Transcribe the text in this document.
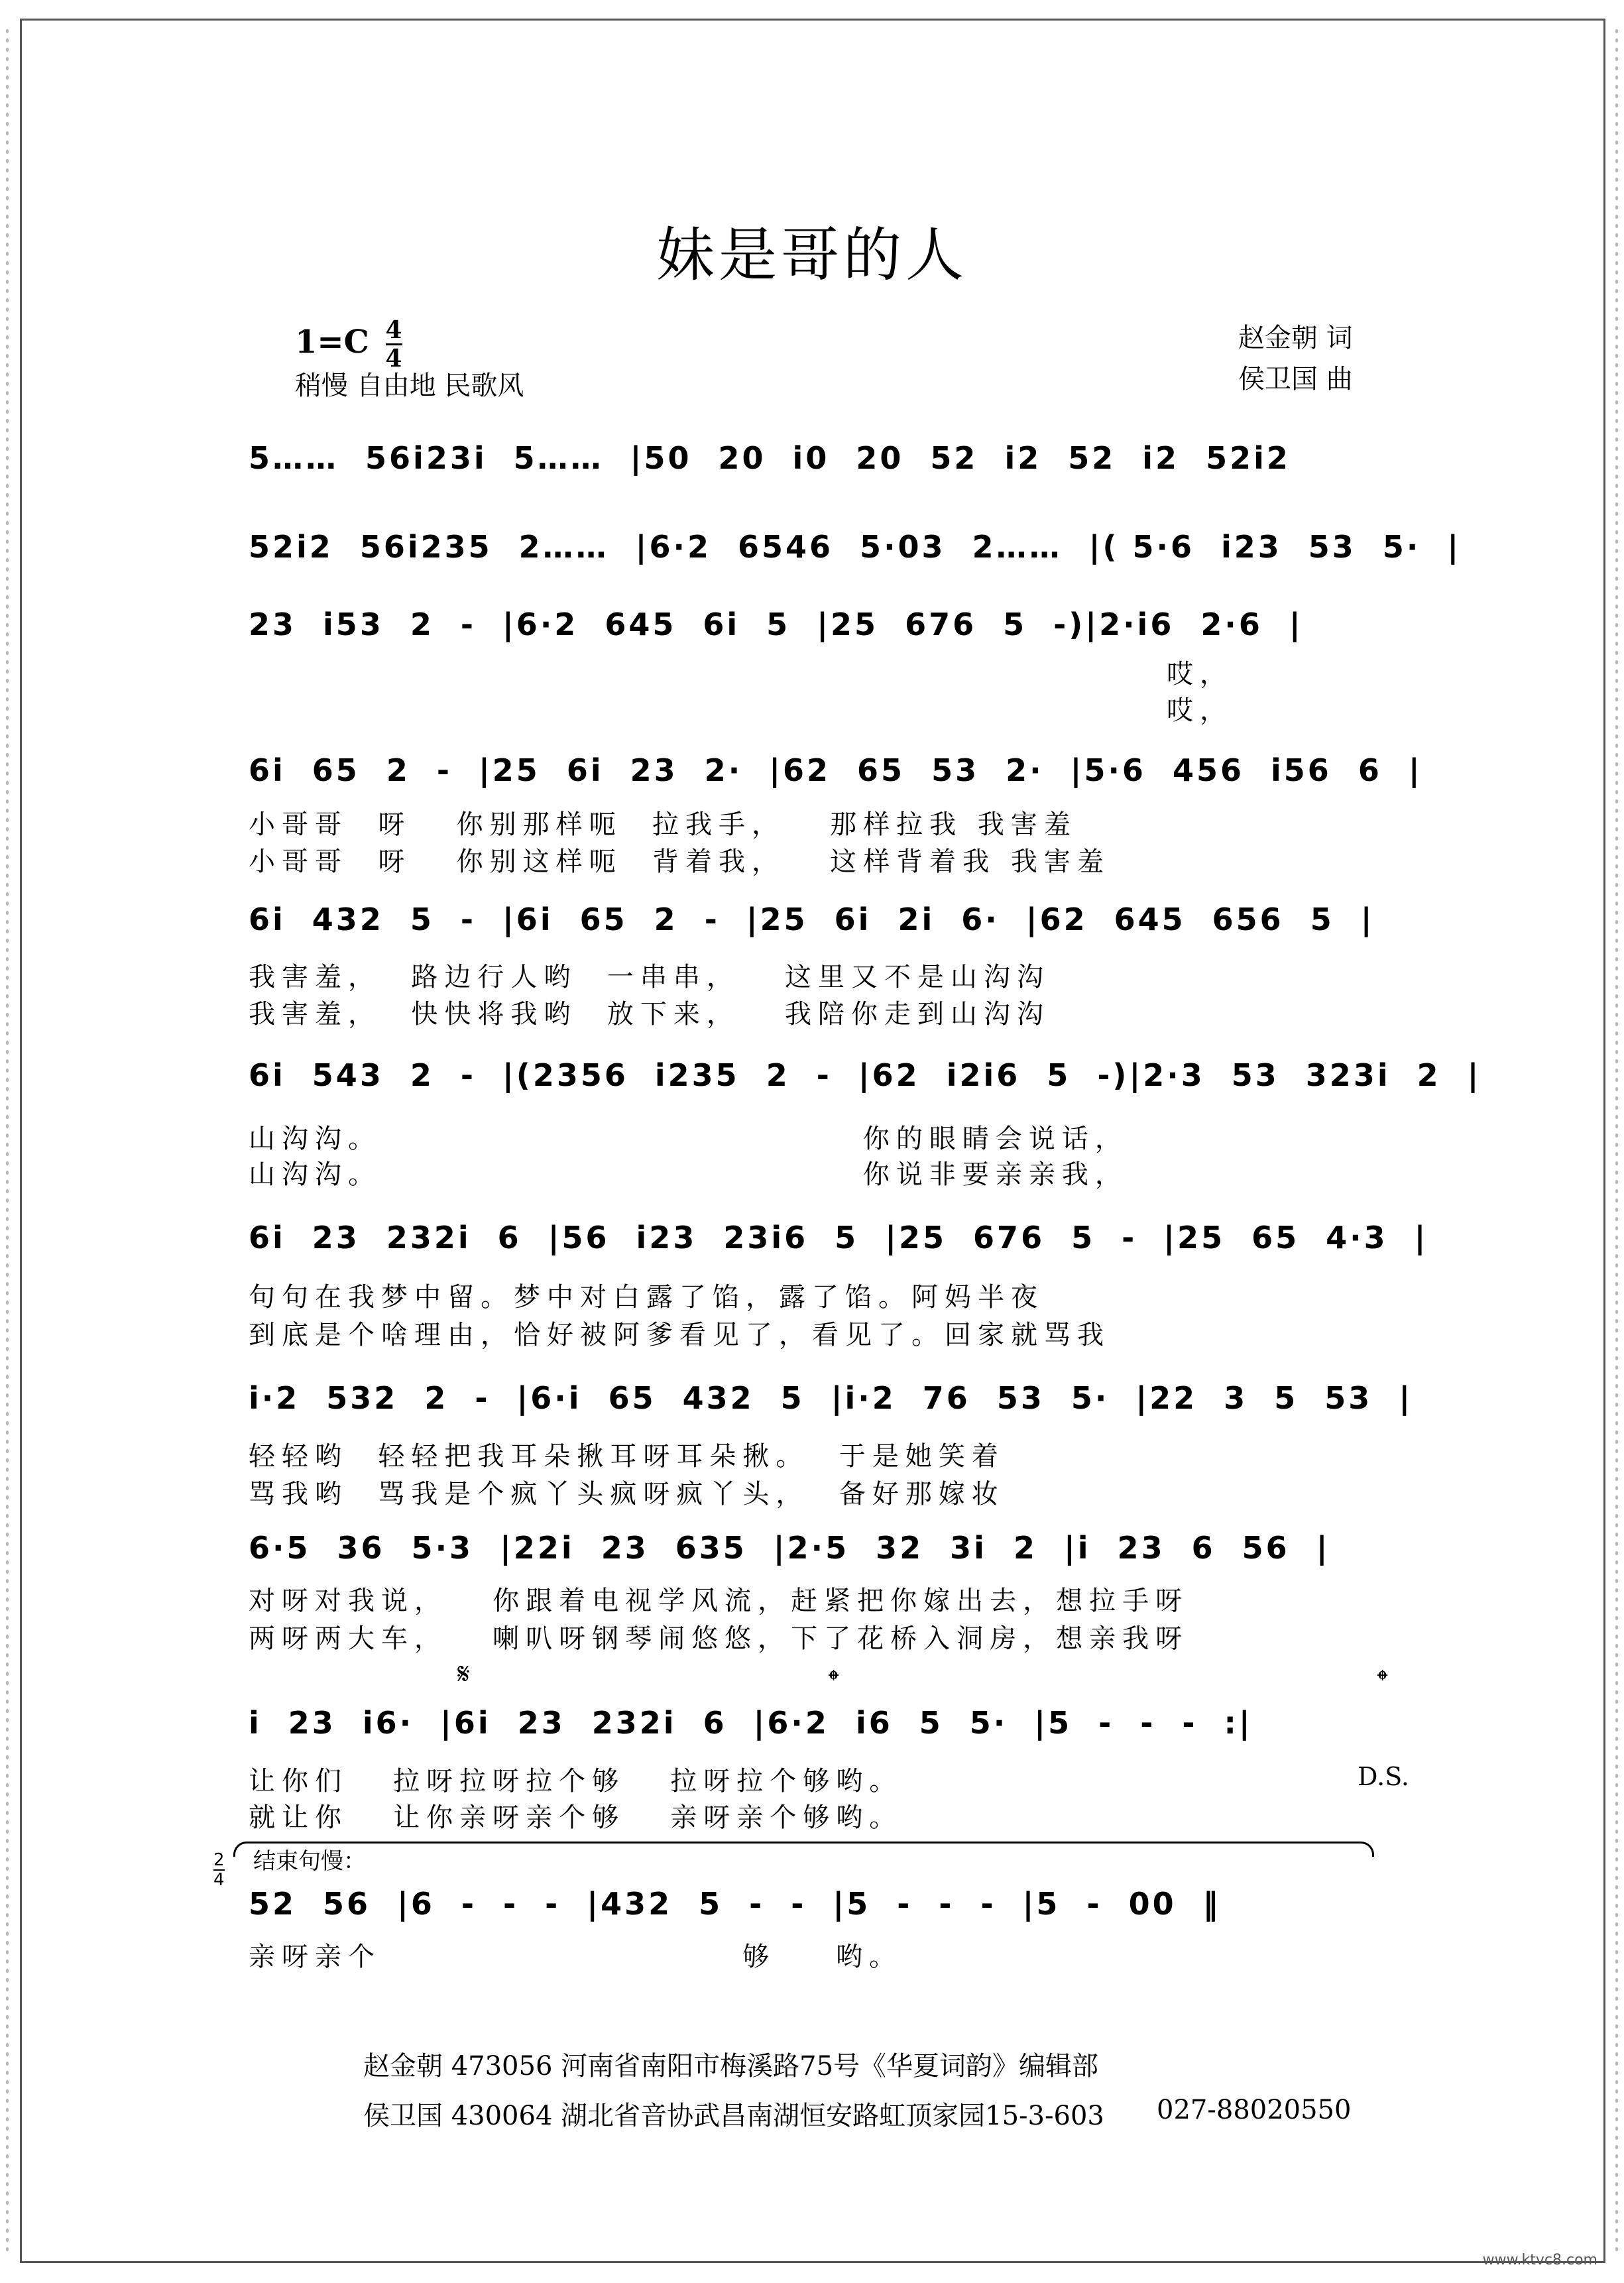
妹是哥的人
$1=C \frac{4}{4}$
稍慢 自由地 民歌风
赵金朝 词
侯卫国 曲
5……  56i23i  5……  |50  20  i0  20  52  i2  52  i2  52i2
52i2  56i235  2……  |6·2  6546  5·03  2……  |( 5·6  i23  53  5·  |
23  i53  2  -  |6·2  645  6i  5  |25  676  5  -)|2·i6  2·6  |
哎，
哎，
6i  65  2  -  |25  6i  23  2·  |62  65  53  2·  |5·6  456  i56  6  |
小哥哥  呀   你别那样呃  拉我手，   那样拉我 我害羞
小哥哥  呀   你别这样呃  背着我，   这样背着我 我害羞
6i  432  5  -  |6i  65  2  -  |25  6i  2i  6·  |62  645  656  5  |
我害羞，  路边行人哟  一串串，   这里又不是山沟沟
我害羞，  快快将我哟  放下来，   我陪你走到山沟沟
6i  543  2  -  |(2356  i235  2  -  |62  i2i6  5  -)|2·3  53  323i  2  |
山沟沟。                                你的眼睛会说话，
山沟沟。                                你说非要亲亲我，
6i  23  232i  6  |56  i23  23i6  5  |25  676  5  -  |25  65  4·3  |
句句在我梦中留。梦中对白露了馅，露了馅。阿妈半夜
到底是个啥理由，恰好被阿爹看见了，看见了。回家就骂我
i·2  532  2  -  |6·i  65  432  5  |i·2  76  53  5·  |22  3  5  53  |
轻轻哟  轻轻把我耳朵揪耳呀耳朵揪。  于是她笑着
骂我哟  骂我是个疯丫头疯呀疯丫头，  备好那嫁妆
6·5  36  5·3  |22i  23  635  |2·5  32  3i  2  |i  23  6  56  |
对呀对我说，   你跟着电视学风流，赶紧把你嫁出去，想拉手呀
两呀两大车，   喇叭呀钢琴闹悠悠，下了花桥入洞房，想亲我呀
𝄋	𝄌	𝄌
i  23  i6·  |6i  23  232i  6  |6·2  i6  5  5·  |5  -  -  -  :|
让你们   拉呀拉呀拉个够   拉呀拉个够哟。
就让你   让你亲呀亲个够   亲呀亲个够哟。
D.S.
结束句慢：
2
4
52  56  |6  -  -  -  |432  5  -  -  |5  -  -  -  |5  -  00  ‖
亲呀亲个                        够    哟。
赵金朝 473056 河南省南阳市梅溪路75号《华夏词韵》编辑部
侯卫国 430064 湖北省音协武昌南湖恒安路虹顶家园15-3-603 027-88020550
www.ktvc8.com
